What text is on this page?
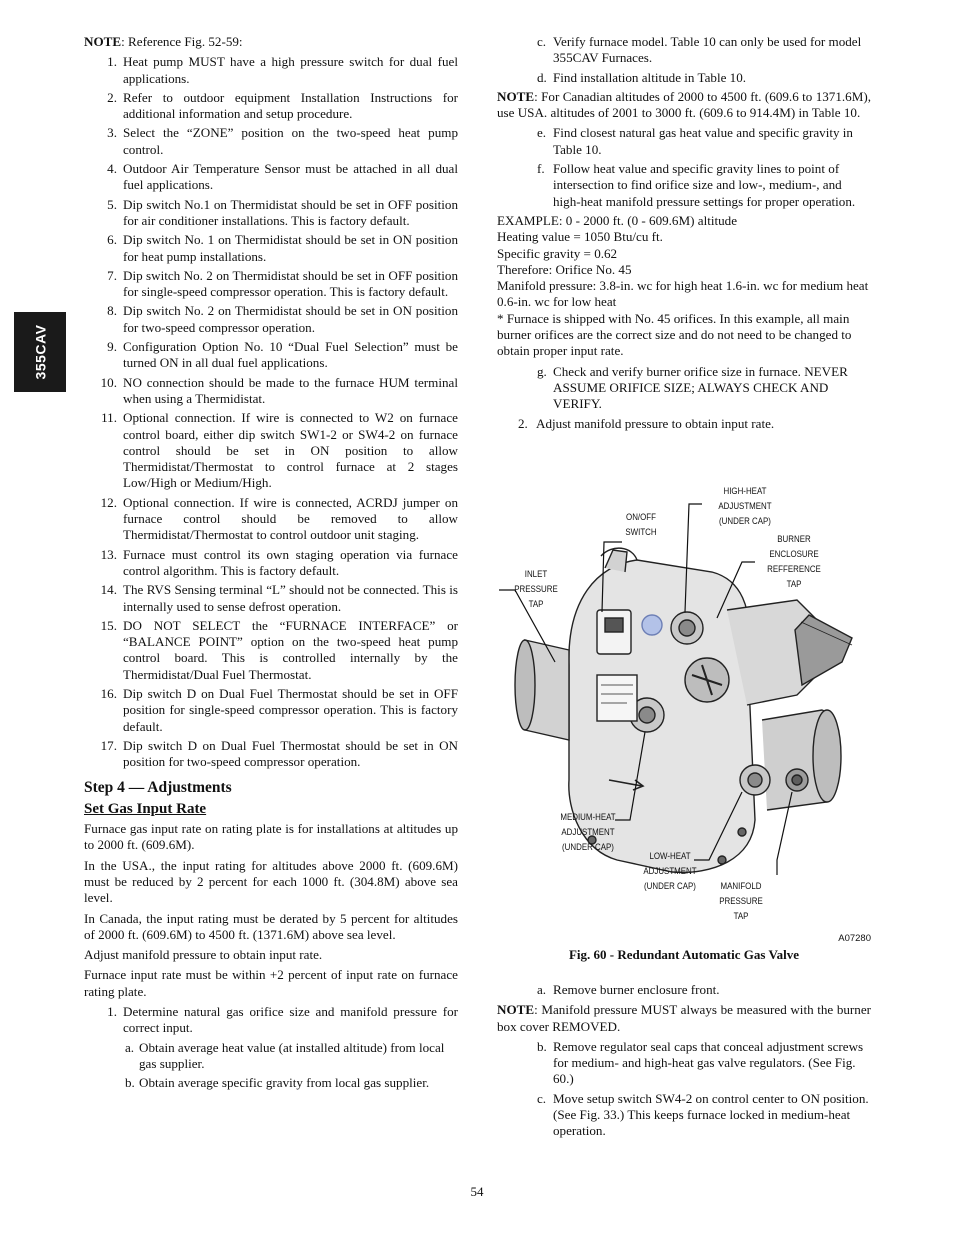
355CAV

NOTE: Reference Fig. 52‑59:

1. Heat pump MUST have a high pressure switch for dual fuel applications.
2. Refer to outdoor equipment Installation Instructions for additional information and setup procedure.
3. Select the “ZONE” position on the two‑speed heat pump control.
4. Outdoor Air Temperature Sensor must be attached in all dual fuel applications.
5. Dip switch No.1 on Thermidistat should be set in OFF position for air conditioner installations. This is factory default.
6. Dip switch No. 1 on Thermidistat should be set in ON position for heat pump installations.
7. Dip switch No. 2 on Thermidistat should be set in OFF position for single‑speed compressor operation. This is factory default.
8. Dip switch No. 2 on Thermidistat should be set in ON position for two‑speed compressor operation.
9. Configuration Option No. 10 “Dual Fuel Selection” must be turned ON in all dual fuel applications.
10. NO connection should be made to the furnace HUM terminal when using a Thermidistat.
11. Optional connection. If wire is connected to W2 on furnace control board, either dip switch SW1‑2 or SW4‑2 on furnace control should be set in ON position to allow Thermidistat/Thermostat to control furnace at 2 stages Low/High or Medium/High.
12. Optional connection. If wire is connected, ACRDJ jumper on furnace control should be removed to allow Thermidistat/Thermostat to control outdoor unit staging.
13. Furnace must control its own staging operation via furnace control algorithm. This is factory default.
14. The RVS Sensing terminal “L” should not be connected. This is internally used to sense defrost operation.
15. DO NOT SELECT the “FURNACE INTERFACE” or “BALANCE POINT” option on the two‑speed heat pump control board. This is controlled internally by the Thermidistat/Dual Fuel Thermostat.
16. Dip switch D on Dual Fuel Thermostat should be set in OFF position for single‑speed compressor operation. This is factory default.
17. Dip switch D on Dual Fuel Thermostat should be set in ON position for two‑speed compressor operation.
Step 4 — Adjustments
Set Gas Input Rate

Furnace gas input rate on rating plate is for installations at altitudes up to 2000 ft. (609.6M).

In the USA., the input rating for altitudes above 2000 ft. (609.6M) must be reduced by 2 percent for each 1000 ft. (304.8M) above sea level.

In Canada, the input rating must be derated by 5 percent for altitudes of 2000 ft. (609.6M) to 4500 ft. (1371.6M) above sea level.

Adjust manifold pressure to obtain input rate.

Furnace input rate must be within +2 percent of input rate on furnace rating plate.

1. Determine natural gas orifice size and manifold pressure for correct input.
a. Obtain average heat value (at installed altitude) from local gas supplier.
b. Obtain average specific gravity from local gas supplier.
c. Verify furnace model. Table 10 can only be used for model 355CAV Furnaces.
d. Find installation altitude in Table 10.

NOTE: For Canadian altitudes of 2000 to 4500 ft. (609.6 to 1371.6M), use USA. altitudes of 2001 to 3000 ft. (609.6 to 914.4M) in Table 10.

e. Find closest natural gas heat value and specific gravity in Table 10.
f. Follow heat value and specific gravity lines to point of intersection to find orifice size and low‑, medium‑, and high‑heat manifold pressure settings for proper operation.
EXAMPLE: 0 ‑ 2000 ft. (0 ‑ 609.6M) altitude
Heating value = 1050 Btu/cu ft.
Specific gravity = 0.62
Therefore: Orifice No. 45
Manifold pressure: 3.8‑in. wc for high heat 1.6‑in. wc for medium heat 0.6‑in. wc for low heat
* Furnace is shipped with No. 45 orifices. In this example, all main burner orifices are the correct size and do not need to be changed to obtain proper input rate.
g. Check and verify burner orifice size in furnace. NEVER ASSUME ORIFICE SIZE; ALWAYS CHECK AND VERIFY.
2. Adjust manifold pressure to obtain input rate.
ON/OFF
SWITCH
HIGH-HEAT
ADJUSTMENT
(UNDER CAP)
BURNER
ENCLOSURE
REFFERENCE
TAP
INLET
PRESSURE
TAP
MEDIUM-HEAT
ADJUSTMENT
(UNDER CAP)
LOW-HEAT
ADJUSTMENT
(UNDER CAP)	MANIFOLD
PRESSURE
TAP
A07280
Fig. 60 ‑ Redundant Automatic Gas Valve
a. Remove burner enclosure front.

NOTE: Manifold pressure MUST always be measured with the burner box cover REMOVED.

b. Remove regulator seal caps that conceal adjustment screws for medium‑ and high‑heat gas valve regulators. (See Fig. 60.)
c. Move setup switch SW4‑2 on control center to ON position. (See Fig. 33.) This keeps furnace locked in medium‑heat operation.
54
